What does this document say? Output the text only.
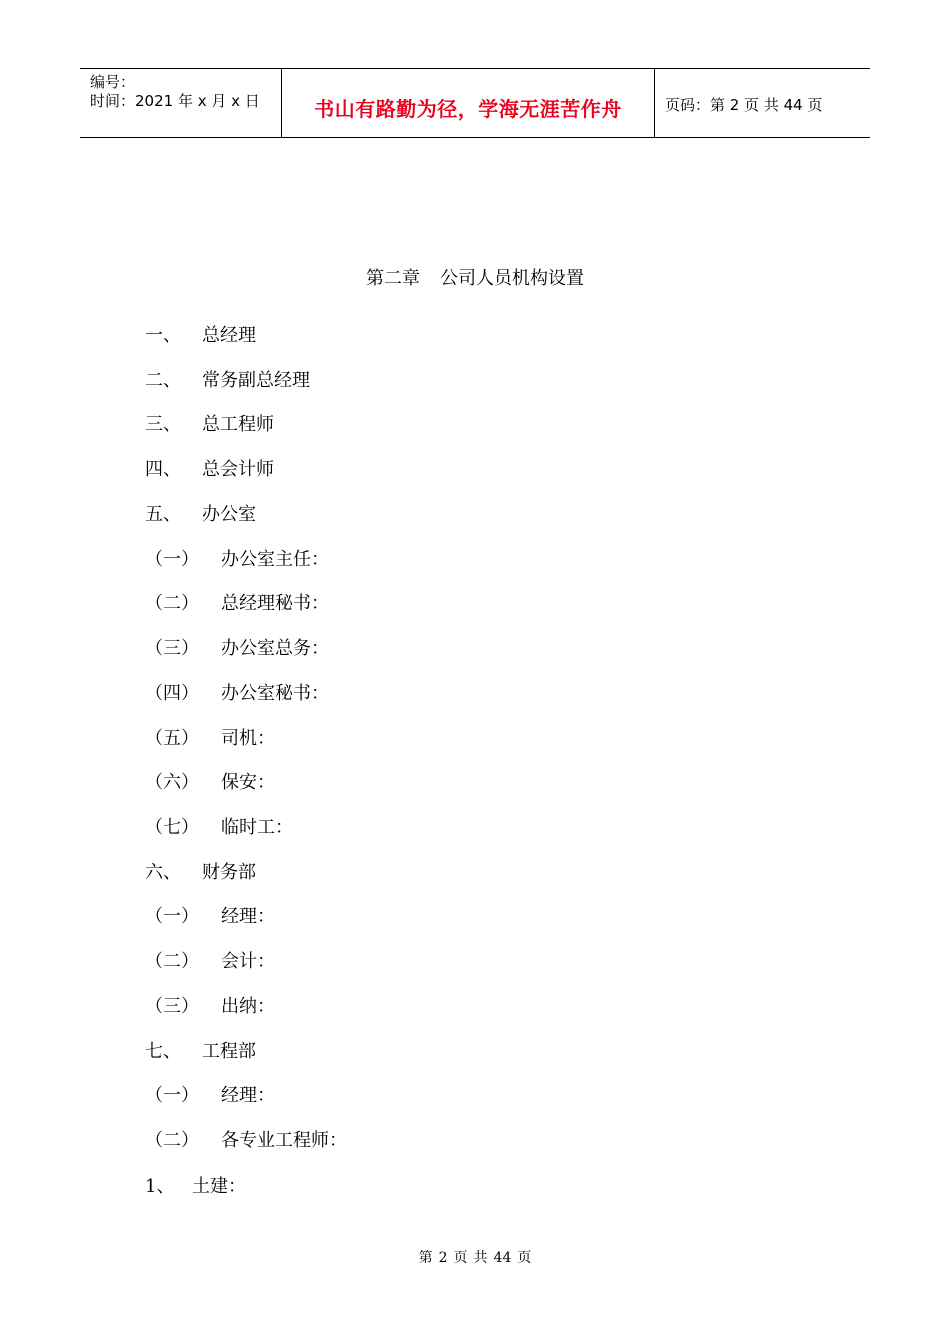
编号：
时间：2021 年 x 月 x 日	书山有路勤为径，学海无涯苦作舟	页码：第 2 页 共 44 页
第二章 公司人员机构设置
一、 总经理
二、 常务副总经理
三、 总工程师
四、 总会计师
五、 办公室
（一） 办公室主任：
（二） 总经理秘书：
（三） 办公室总务：
（四） 办公室秘书：
（五） 司机：
（六） 保安：
（七） 临时工：
六、 财务部
（一） 经理：
（二） 会计：
（三） 出纳：
七、 工程部
（一） 经理：
（二） 各专业工程师：
1、 土建：
第 2 页 共 44 页
